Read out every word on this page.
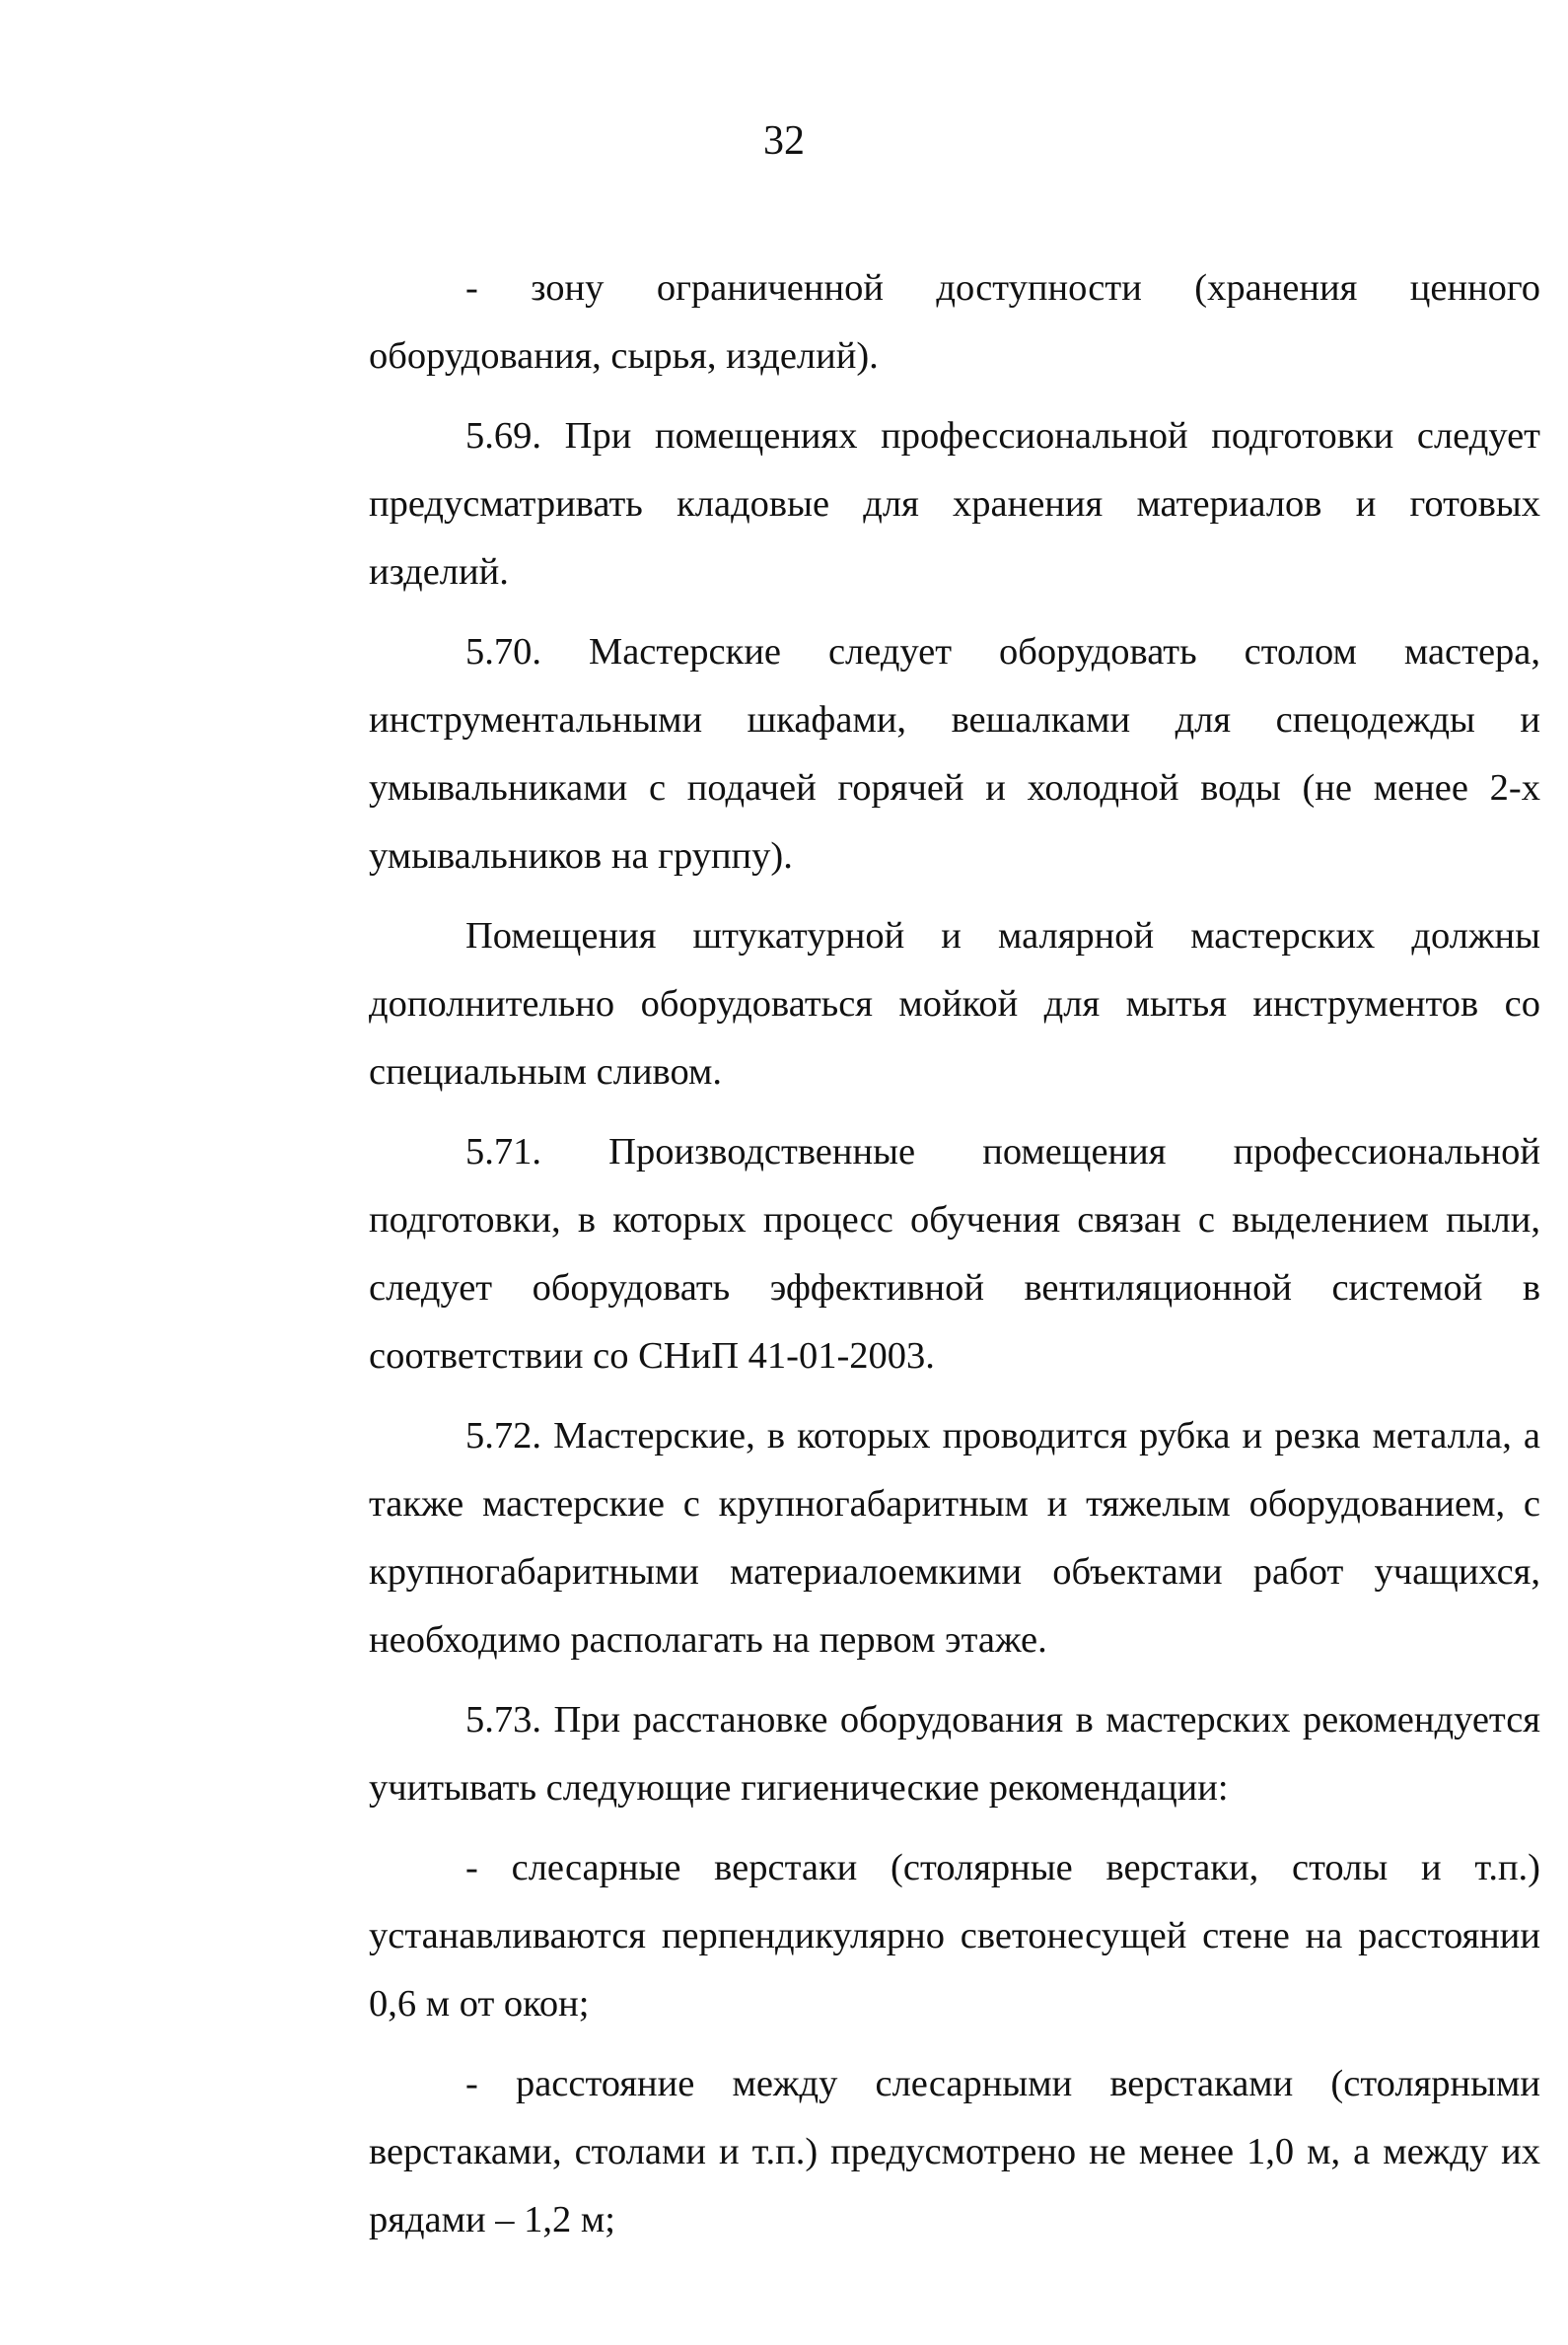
32

- зону ограниченной доступности (хранения ценного оборудования, сырья, изделий).

5.69. При помещениях профессиональной подготовки следует предусматривать кладовые для хранения материалов и готовых изделий.

5.70. Мастерские следует оборудовать столом мастера, инструментальными шкафами, вешалками для спецодежды и умывальниками с подачей горячей и холодной воды (не менее 2-х умывальников на группу).

Помещения штукатурной и малярной мастерских должны дополнительно оборудоваться мойкой для мытья инструментов со специальным сливом.

5.71. Производственные помещения профессиональной подготовки, в которых процесс обучения связан с выделением пыли, следует оборудовать эффективной вентиляционной системой в соответствии со СНиП 41-01-2003.

5.72. Мастерские, в которых проводится рубка и резка металла, а также мастерские с крупногабаритным и тяжелым оборудованием, с крупногабаритными материалоемкими объектами работ учащихся, необходимо располагать на первом этаже.

5.73. При расстановке оборудования в мастерских рекомендуется учитывать следующие гигиенические рекомендации:

- слесарные верстаки (столярные верстаки, столы и т.п.) устанавливаются перпендикулярно светонесущей стене на расстоянии 0,6 м от окон;

- расстояние между слесарными верстаками (столярными верстаками, столами и т.п.) предусмотрено не менее 1,0 м, а между их рядами – 1,2 м;
